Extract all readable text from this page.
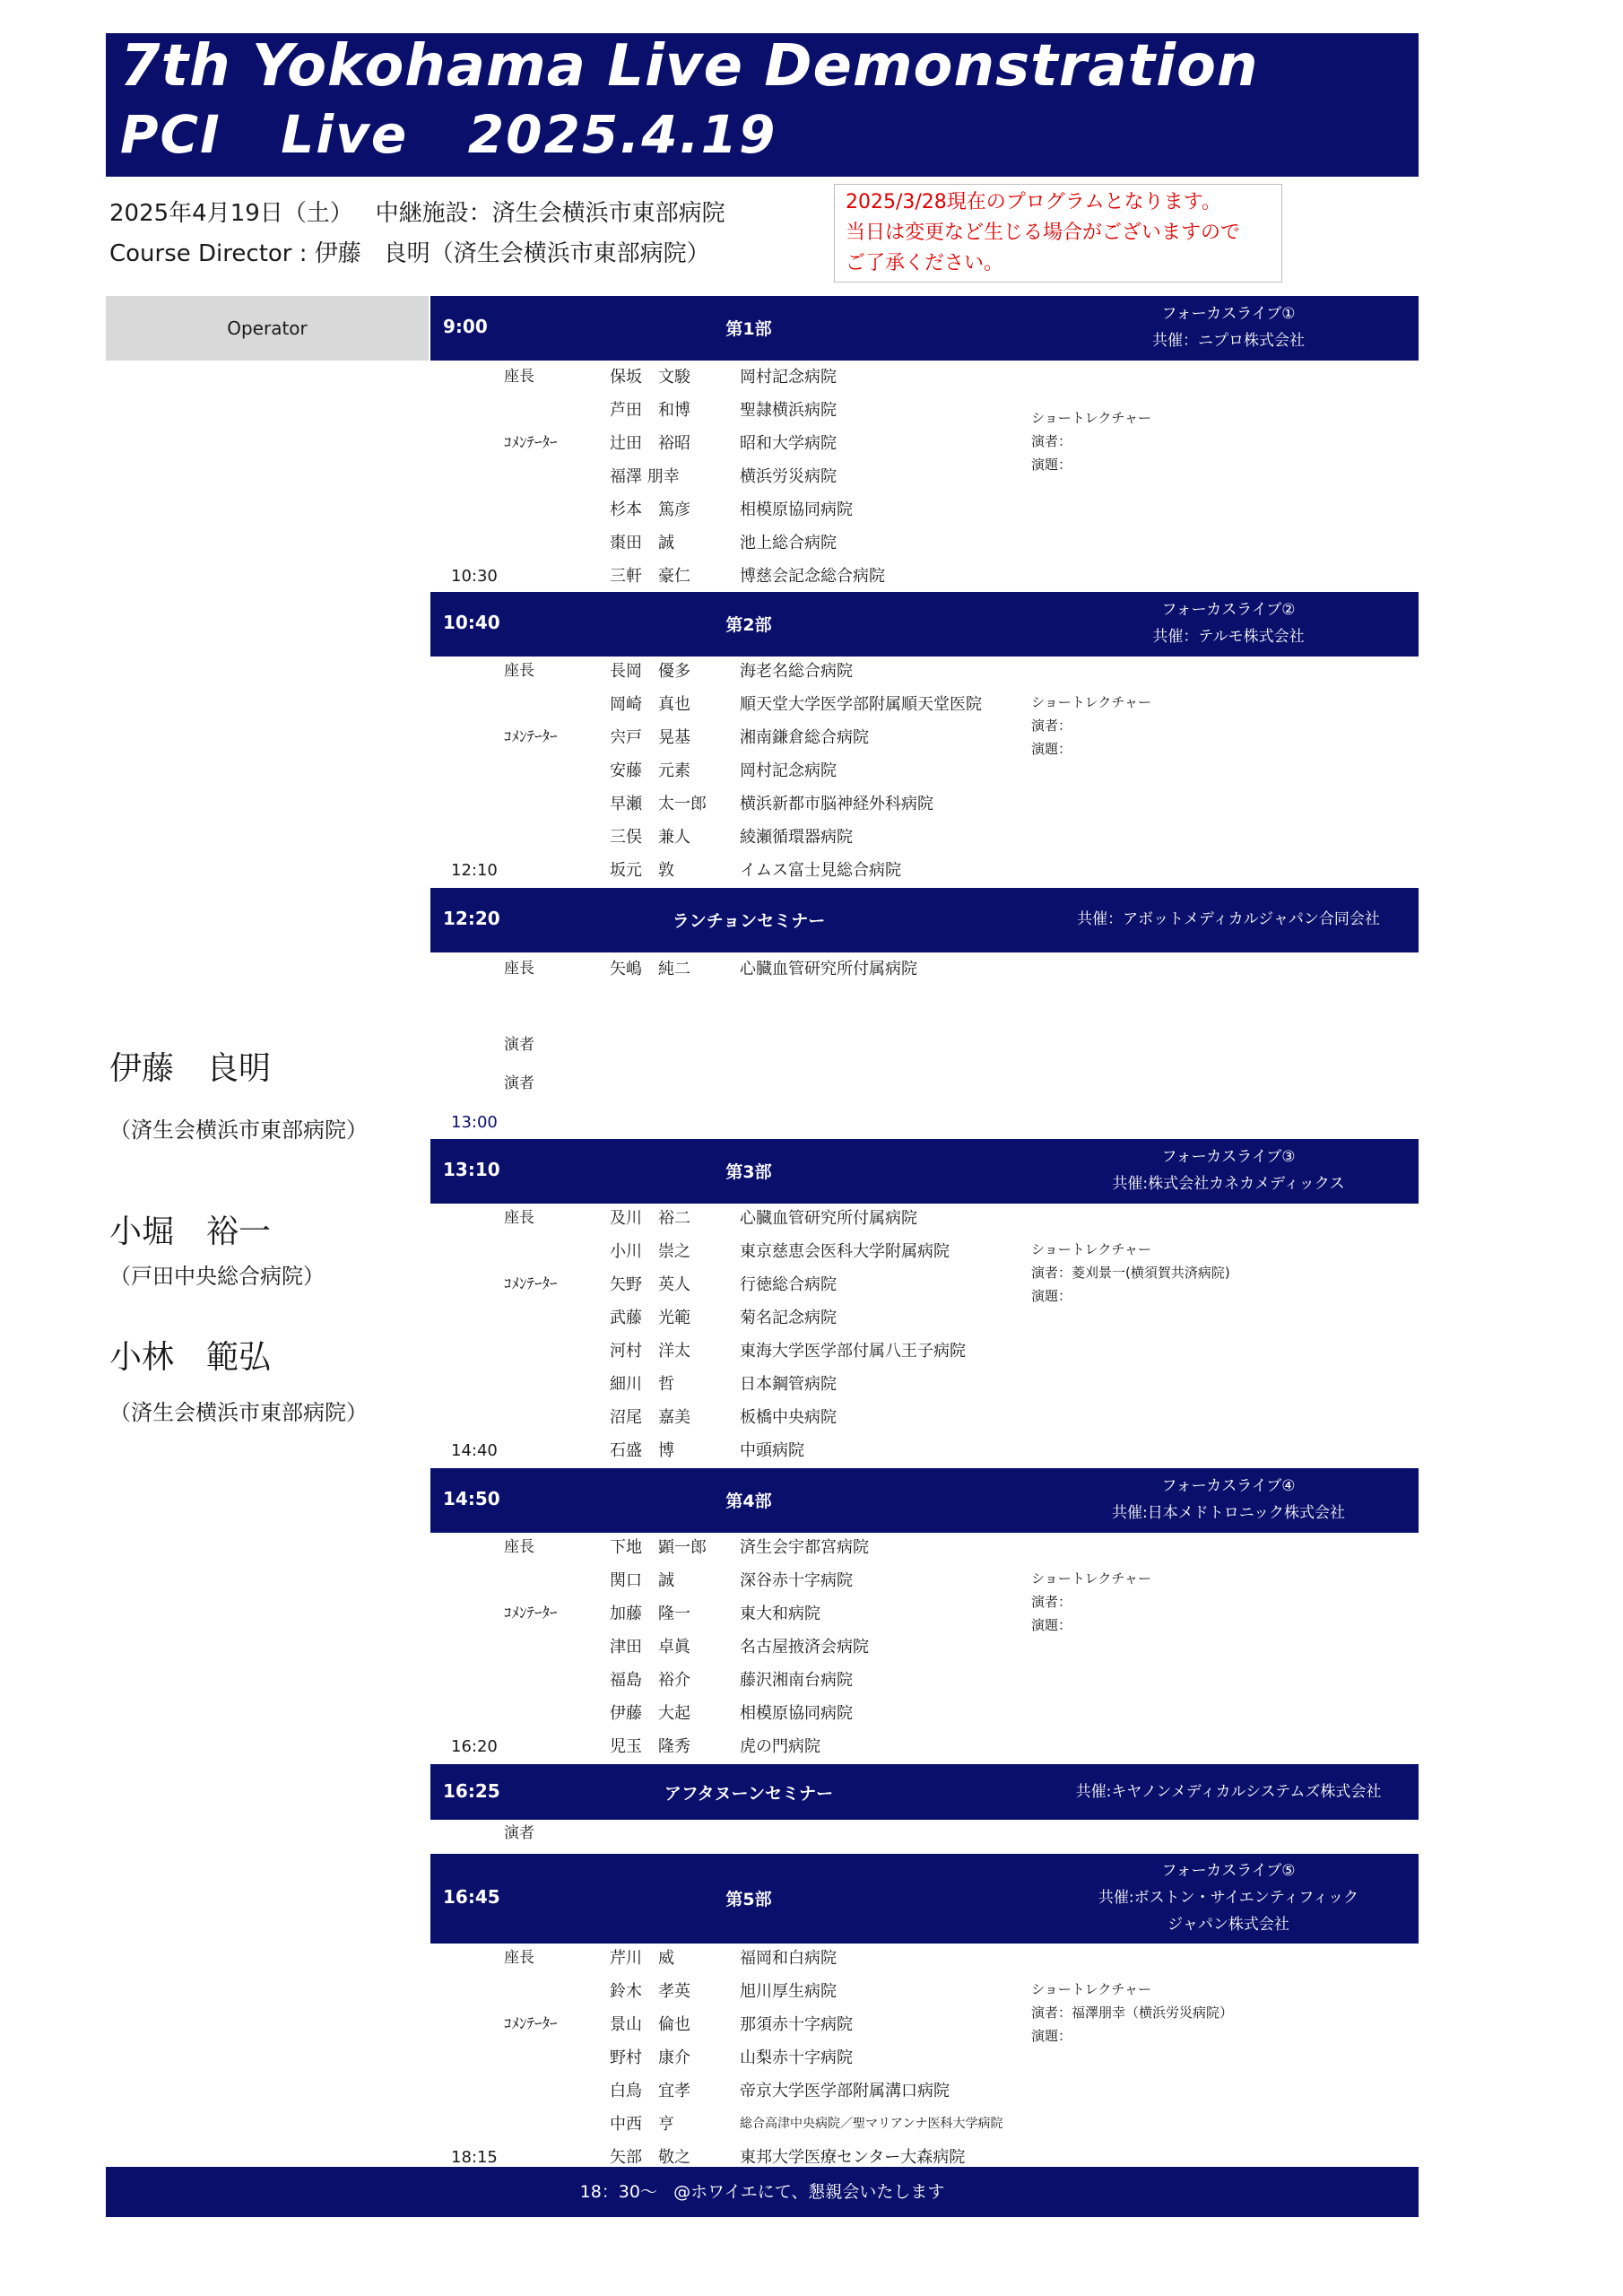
7th Yokohama Live Demonstration
PCI   Live   2025.4.19
2025年4月19日（土）   中継施設：済生会横浜市東部病院
Course Director : 伊藤   良明（済生会横浜市東部病院）
2025/3/28現在のプログラムとなります。
当日は変更など生じる場合がございますので
ご了承ください。
Operator
伊藤　良明
（済生会横浜市東部病院）
小堀　裕一
（戸田中央総合病院）
小林　範弘
（済生会横浜市東部病院）
9:00	第1部
フォーカスライブ①
共催：ニプロ株式会社
座長	保坂　文駿	岡村記念病院
芦田　和博	聖隷横浜病院
ｺﾒﾝﾃｰﾀｰ	辻田　裕昭	昭和大学病院
福澤 朋幸	横浜労災病院
杉本　篤彦	相模原協同病院
棗田　誠	池上総合病院
10:30	三軒　豪仁	博慈会記念総合病院
ショートレクチャー
演者：
演題：
10:40	第2部
フォーカスライブ②
共催：テルモ株式会社
座長	長岡　優多	海老名総合病院
岡崎　真也	順天堂大学医学部附属順天堂医院
ｺﾒﾝﾃｰﾀｰ	宍戸　晃基	湘南鎌倉総合病院
安藤　元素	岡村記念病院
早瀬　太一郎	横浜新都市脳神経外科病院
三俣　兼人	綾瀬循環器病院
12:10	坂元　敦	イムス富士見総合病院
ショートレクチャー
演者：
演題：
12:20	ランチョンセミナー	共催：アボットメディカルジャパン合同会社
座長	矢嶋　純二	心臓血管研究所付属病院
演者
演者
13:00
13:10	第3部
フォーカスライブ③
共催:株式会社カネカメディックス
座長	及川　裕二	心臓血管研究所付属病院
小川　崇之	東京慈恵会医科大学附属病院
ｺﾒﾝﾃｰﾀｰ	矢野　英人	行徳総合病院
武藤　光範	菊名記念病院
河村　洋太	東海大学医学部付属八王子病院
細川　哲	日本鋼管病院
沼尾　嘉美	板橋中央病院
14:40	石盛　博	中頭病院
ショートレクチャー
演者：菱刈景一(横須賀共済病院)
演題：
14:50	第4部
フォーカスライブ④
共催:日本メドトロニック株式会社
座長	下地　顕一郎	済生会宇都宮病院
関口　誠	深谷赤十字病院
ｺﾒﾝﾃｰﾀｰ	加藤　隆一	東大和病院
津田　卓眞	名古屋掖済会病院
福島　裕介	藤沢湘南台病院
伊藤　大起	相模原協同病院
16:20	児玉　隆秀	虎の門病院
ショートレクチャー
演者：
演題：
16:25	アフタヌーンセミナー	共催:キヤノンメディカルシステムズ株式会社
演者
16:45	第5部
フォーカスライブ⑤
共催:ボストン・サイエンティフィック
ジャパン株式会社
座長	芹川　威	福岡和白病院
鈴木　孝英	旭川厚生病院
ｺﾒﾝﾃｰﾀｰ	景山　倫也	那須赤十字病院
野村　康介	山梨赤十字病院
白鳥　宜孝	帝京大学医学部附属溝口病院
中西　亨	総合高津中央病院／聖マリアンナ医科大学病院
18:15	矢部　敬之	東邦大学医療センター大森病院
ショートレクチャー
演者：福澤朋幸（横浜労災病院）
演題：
18：30～   @ホワイエにて、懇親会いたします
